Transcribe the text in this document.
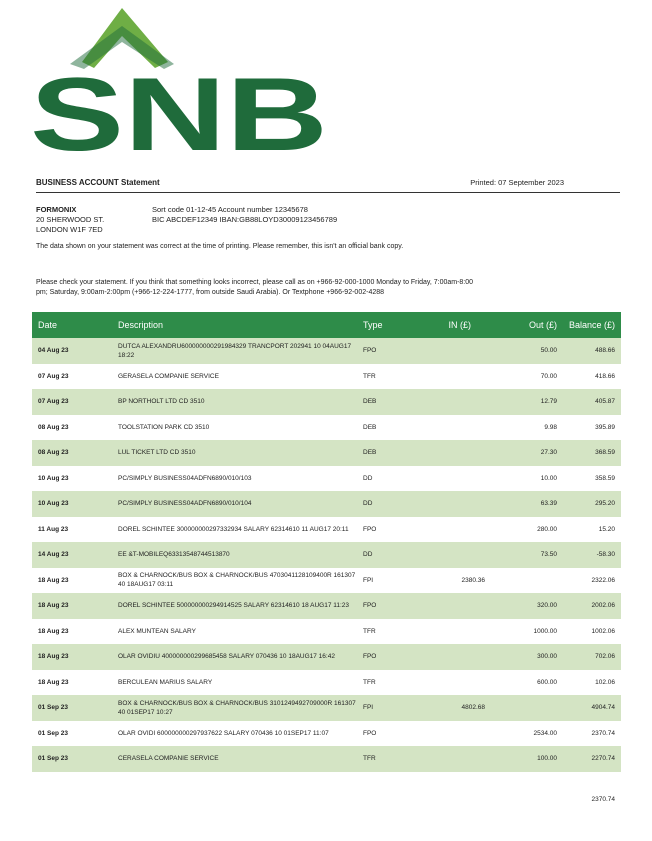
SNB
BUSINESS ACCOUNT Statement	Printed: 07 September 2023
FORMONIX
20 SHERWOOD ST.
LONDON W1F 7ED
Sort code 01-12-45 Account number 12345678
BIC ABCDEF12349 IBAN:GB88LOYD30009123456789
The data shown on your statement was correct at the time of printing. Please remember, this isn't an official bank copy.
Please check your statement. If you think that something looks incorrect, please call as on +966-92-000-1000 Monday to Friday, 7:00am-8:00 pm; Saturday, 9:00am-2:00pm (+966-12-224-1777, from outside Saudi Arabia). Or Textphone +966-92-002-4288
Date	Description	Type	IN (£)	Out (£)	Balance (£)
04 Aug 23	DUTCA ALEXANDRU600000000291984329 TRANCPORT 202941 10 04AUG17 18:22	FPO		50.00	488.66
07 Aug 23	GERASELA COMPANIE SERVICE	TFR		70.00	418.66
07 Aug 23	BP NORTHOLT LTD CD 3510	DEB		12.79	405.87
08 Aug 23	TOOLSTATION PARK CD 3510	DEB		9.98	395.89
08 Aug 23	LUL TICKET LTD CD 3510	DEB		27.30	368.59
10 Aug 23	PC/SIMPLY BUSINESS04ADFN6890/010/103	DD		10.00	358.59
10 Aug 23	PC/SIMPLY BUSINESS04ADFN6890/010/104	DD		63.39	295.20
11 Aug 23	DOREL SCHINTEE 300000000297332934 SALARY 62314610 11 AUG17 20:11	FPO		280.00	15.20
14 Aug 23	EE &T-MOBILEQ63313548744513870	DD		73.50	-58.30
18 Aug 23	BOX & CHARNOCK/BUS BOX & CHARNOCK/BUS 4703041128109400R 161307 40 18AUG17 03:11	FPI	2380.36		2322.06
18 Aug 23	DOREL SCHINTEE 500000000294914525 SALARY 62314610 18 AUG17 11:23	FPO		320.00	2002.06
18 Aug 23	ALEX MUNTEAN SALARY	TFR		1000.00	1002.06
18 Aug 23	OLAR OVIDIU 400000000299685458 SALARY 070436 10 18AUG17 16:42	FPO		300.00	702.06
18 Aug 23	BERCULEAN MARIUS SALARY	TFR		600.00	102.06
01 Sep 23	BOX & CHARNOCK/BUS BOX & CHARNOCK/BUS 3101249492709000R 161307 40 01SEP17 10:27	FPI	4802.68		4904.74
01 Sep 23	OLAR OVIDI 600000000297937622 SALARY 070436 10 01SEP17 11:07	FPO		2534.00	2370.74
01 Sep 23	CERASELA COMPANIE SERVICE	TFR		100.00	2270.74
2370.74
